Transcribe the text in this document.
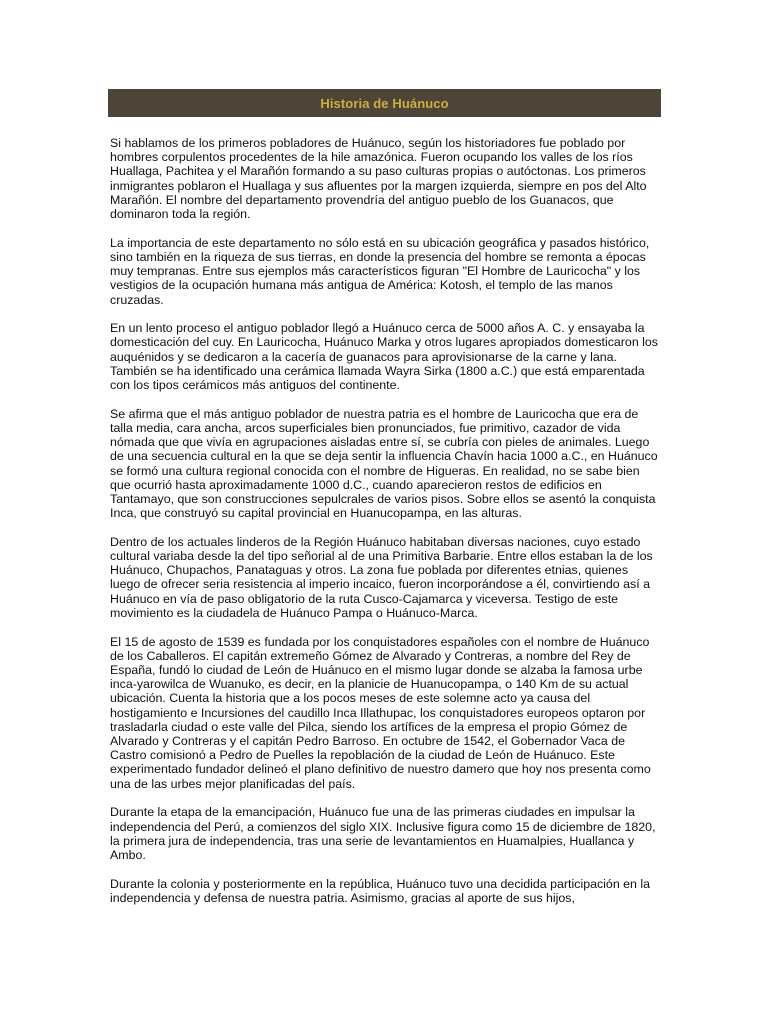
Historia de Huánuco

Si hablamos de los primeros pobladores de Huánuco, según los historiadores fue poblado por hombres corpulentos procedentes de la hile amazónica. Fueron ocupando los valles de los ríos Huallaga, Pachitea y el Marañón formando a su paso culturas propias o autóctonas. Los primeros inmigrantes poblaron el Huallaga y sus afluentes por la margen izquierda, siempre en pos del Alto Marañón. El nombre del departamento provendría del antiguo pueblo de los Guanacos, que dominaron toda la región.

La importancia de este departamento no sólo está en su ubicación geográfica y pasados histórico, sino también en la riqueza de sus tierras, en donde la presencia del hombre se remonta a épocas muy tempranas. Entre sus ejemplos más característicos figuran "El Hombre de Lauricocha" y los vestigios de la ocupación humana más antigua de América: Kotosh, el templo de las manos cruzadas.

En un lento proceso el antiguo poblador llegó a Huánuco cerca de 5000 años A. C. y ensayaba la domesticación del cuy. En Lauricocha, Huánuco Marka y otros lugares apropiados domesticaron los auquénidos y se dedicaron a la cacería de guanacos para aprovisionarse de la carne y lana. También se ha identificado una cerámica llamada Wayra Sirka (1800 a.C.) que está emparentada con los tipos cerámicos más antiguos del continente.

Se afirma que el más antiguo poblador de nuestra patria es el hombre de Lauricocha que era de talla media, cara ancha, arcos superficiales bien pronunciados, fue primitivo, cazador de vida nómada que que vivía en agrupaciones aisladas entre sí, se cubría con pieles de animales. Luego de una secuencia cultural en la que se deja sentir la influencia Chavín hacia 1000 a.C., en Huánuco se formó una cultura regional conocida con el nombre de Higueras. En realidad, no se sabe bien que ocurrió hasta aproximadamente 1000 d.C., cuando aparecieron restos de edificios en Tantamayo, que son construcciones sepulcrales de varios pisos. Sobre ellos se asentó la conquista Inca, que construyó su capital provincial en Huanucopampa, en las alturas.

Dentro de los actuales linderos de la Región Huánuco habitaban diversas naciones, cuyo estado cultural variaba desde la del tipo señorial al de una Primitiva Barbarie. Entre ellos estaban la de los Huánuco, Chupachos, Panataguas y otros. La zona fue poblada por diferentes etnias, quienes luego de ofrecer seria resistencia al imperio incaico, fueron incorporándose a él, convirtiendo así a Huánuco en vía de paso obligatorio de la ruta Cusco-Cajamarca y viceversa. Testigo de este movimiento es la ciudadela de Huánuco Pampa o Huánuco-Marca.

El 15 de agosto de 1539 es fundada por los conquistadores españoles con el nombre de Huánuco de los Caballeros. El capitán extremeño Gómez de Alvarado y Contreras, a nombre del Rey de España, fundó lo ciudad de León de Huánuco en el mismo lugar donde se alzaba la famosa urbe inca-yarowilca de Wuanuko, es decir, en la planicie de Huanucopampa, o 140 Km de su actual ubicación. Cuenta la historia que a los pocos meses de este solemne acto ya causa del hostigamiento e Incursiones del caudillo Inca Illathupac, los conquistadores europeos optaron por trasladarla ciudad o este valle del Pilca, siendo los artífices de la empresa el propio Gómez de Alvarado y Contreras y el capitán Pedro Barroso. En octubre de 1542, el Gobernador Vaca de Castro comisionó a Pedro de Puelles la repoblación de la ciudad de León de Huánuco. Este experimentado fundador delineó el plano definitivo de nuestro damero que hoy nos presenta como una de las urbes mejor planificadas del país.

Durante la etapa de la emancipación, Huánuco fue una de las primeras ciudades en impulsar la independencia del Perú, a comienzos del siglo XIX. Inclusive figura como 15 de diciembre de 1820, la primera jura de independencia, tras una serie de levantamientos en Huamalpies, Huallanca y Ambo.

Durante la colonia y posteriormente en la república, Huánuco tuvo una decidida participación en la independencia y defensa de nuestra patria. Asimismo, gracias al aporte de sus hijos,
